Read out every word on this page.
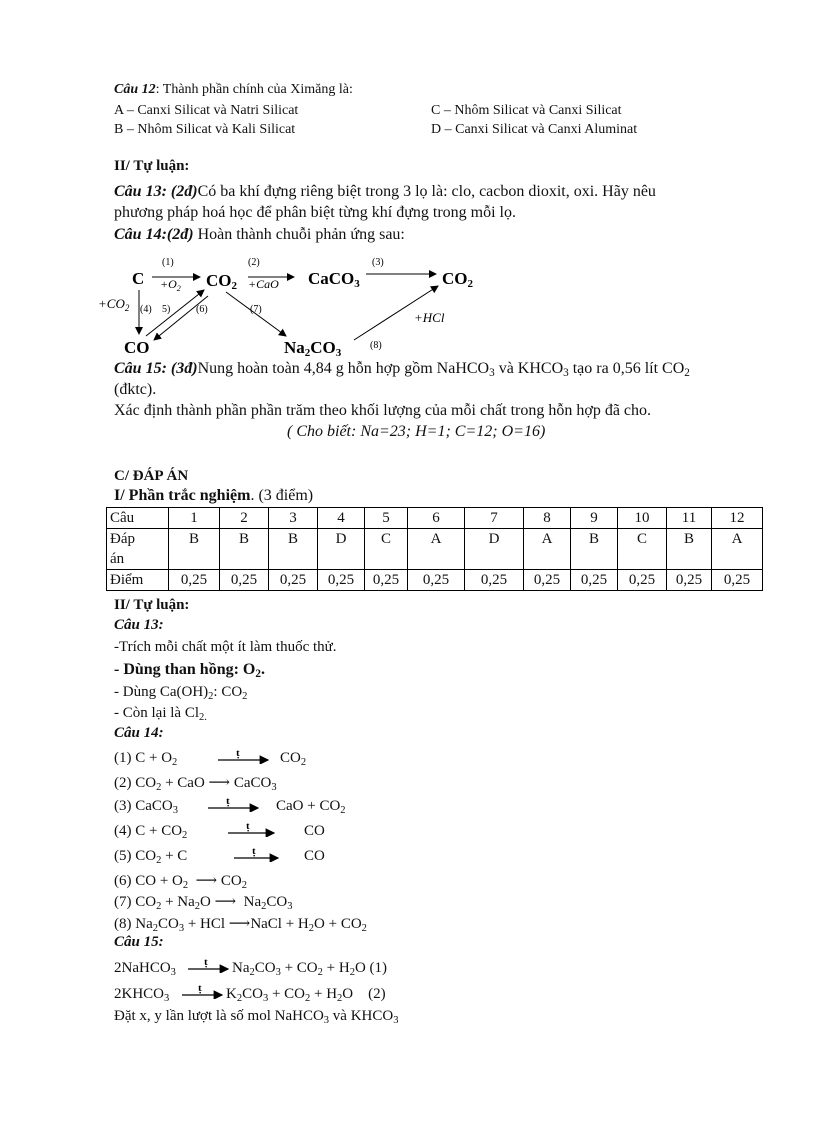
Câu 12: Thành phần chính của Ximăng là:
A – Canxi Silicat và Natri Silicat
B – Nhôm Silicat và Kali Silicat
C – Nhôm Silicat và Canxi Silicat
D – Canxi Silicat và Canxi Aluminat
II/ Tự luận:
Câu 13: (2đ)Có ba khí đựng riêng biệt trong 3 lọ là: clo, cacbon dioxit, oxi. Hãy nêu
phương pháp hoá học để phân biệt từng khí đựng trong mỗi lọ.
Câu 14:(2đ) Hoàn thành chuỗi phản ứng sau:
C	CO2	CaCO3	CO2
CO	Na2CO3
(1)
$+O_2$
(2)
+CaO
(3)
$+CO_2$ (4) 5)	(6)	(7)
(8)
+HCl
Câu 15: (3đ)Nung hoàn toàn 4,84 g hỗn hợp gồm NaHCO$_3$ và $KHCO_3$ tạo ra 0,56 lít $CO_2$
(đktc).
Xác định thành phần phần trăm theo khối lượng của mỗi chất trong hỗn hợp đã cho.
( Cho biết: Na=23; H=1; C=12; O=16)
C/ ĐÁP ÁN
I/ Phần trắc nghiệm. (3 điểm)
Câu	1	2	3	4	5	6	7	8	9	10	11	12
Đáp
án	B	B	B	D	C	A	D	A	B	C	B	A
Điểm	0,25	0,25	0,25	0,25	0,25	0,25	0,25	0,25	0,25	0,25	0,25	0,25
II/ Tự luận:
Câu 13:
-Trích mỗi chất một ít làm thuốc thử.
- Dùng than hồng: $O_2$.
- Dùng $Ca(OH)_2$: $CO_2$
- Còn lại là $Cl_{2.}$
Câu 14:
(1) $C + O_2$
ṭ	$CO_2$
(2) $CO_2$ + CaO ⟶ CaCO$_3$
(3) CaCO$_3$
ṭ	CaO + $CO_2$
(4) $C + CO_2$
ṭ	CO
(5) $CO_2 + C$	ṭ	CO
(6) CO + $O_2$  ⟶ $CO_2$
(7) $CO_2 + Na_2O$ ⟶  $Na_2CO_3$
(8) $Na_2CO_3$ + HCl ⟶NaCl + $H_2O + CO_2$
Câu 15:
2NaHCO$_3$
ṭ $Na_2CO_3 + CO_2 + H_2O$ (1)
$2KHCO_3$
ṭ $K_2CO_3 + CO_2 + H_2O$ (2)
Đặt x, y lần lượt là số mol NaHCO$_3$ và $KHCO_3$
